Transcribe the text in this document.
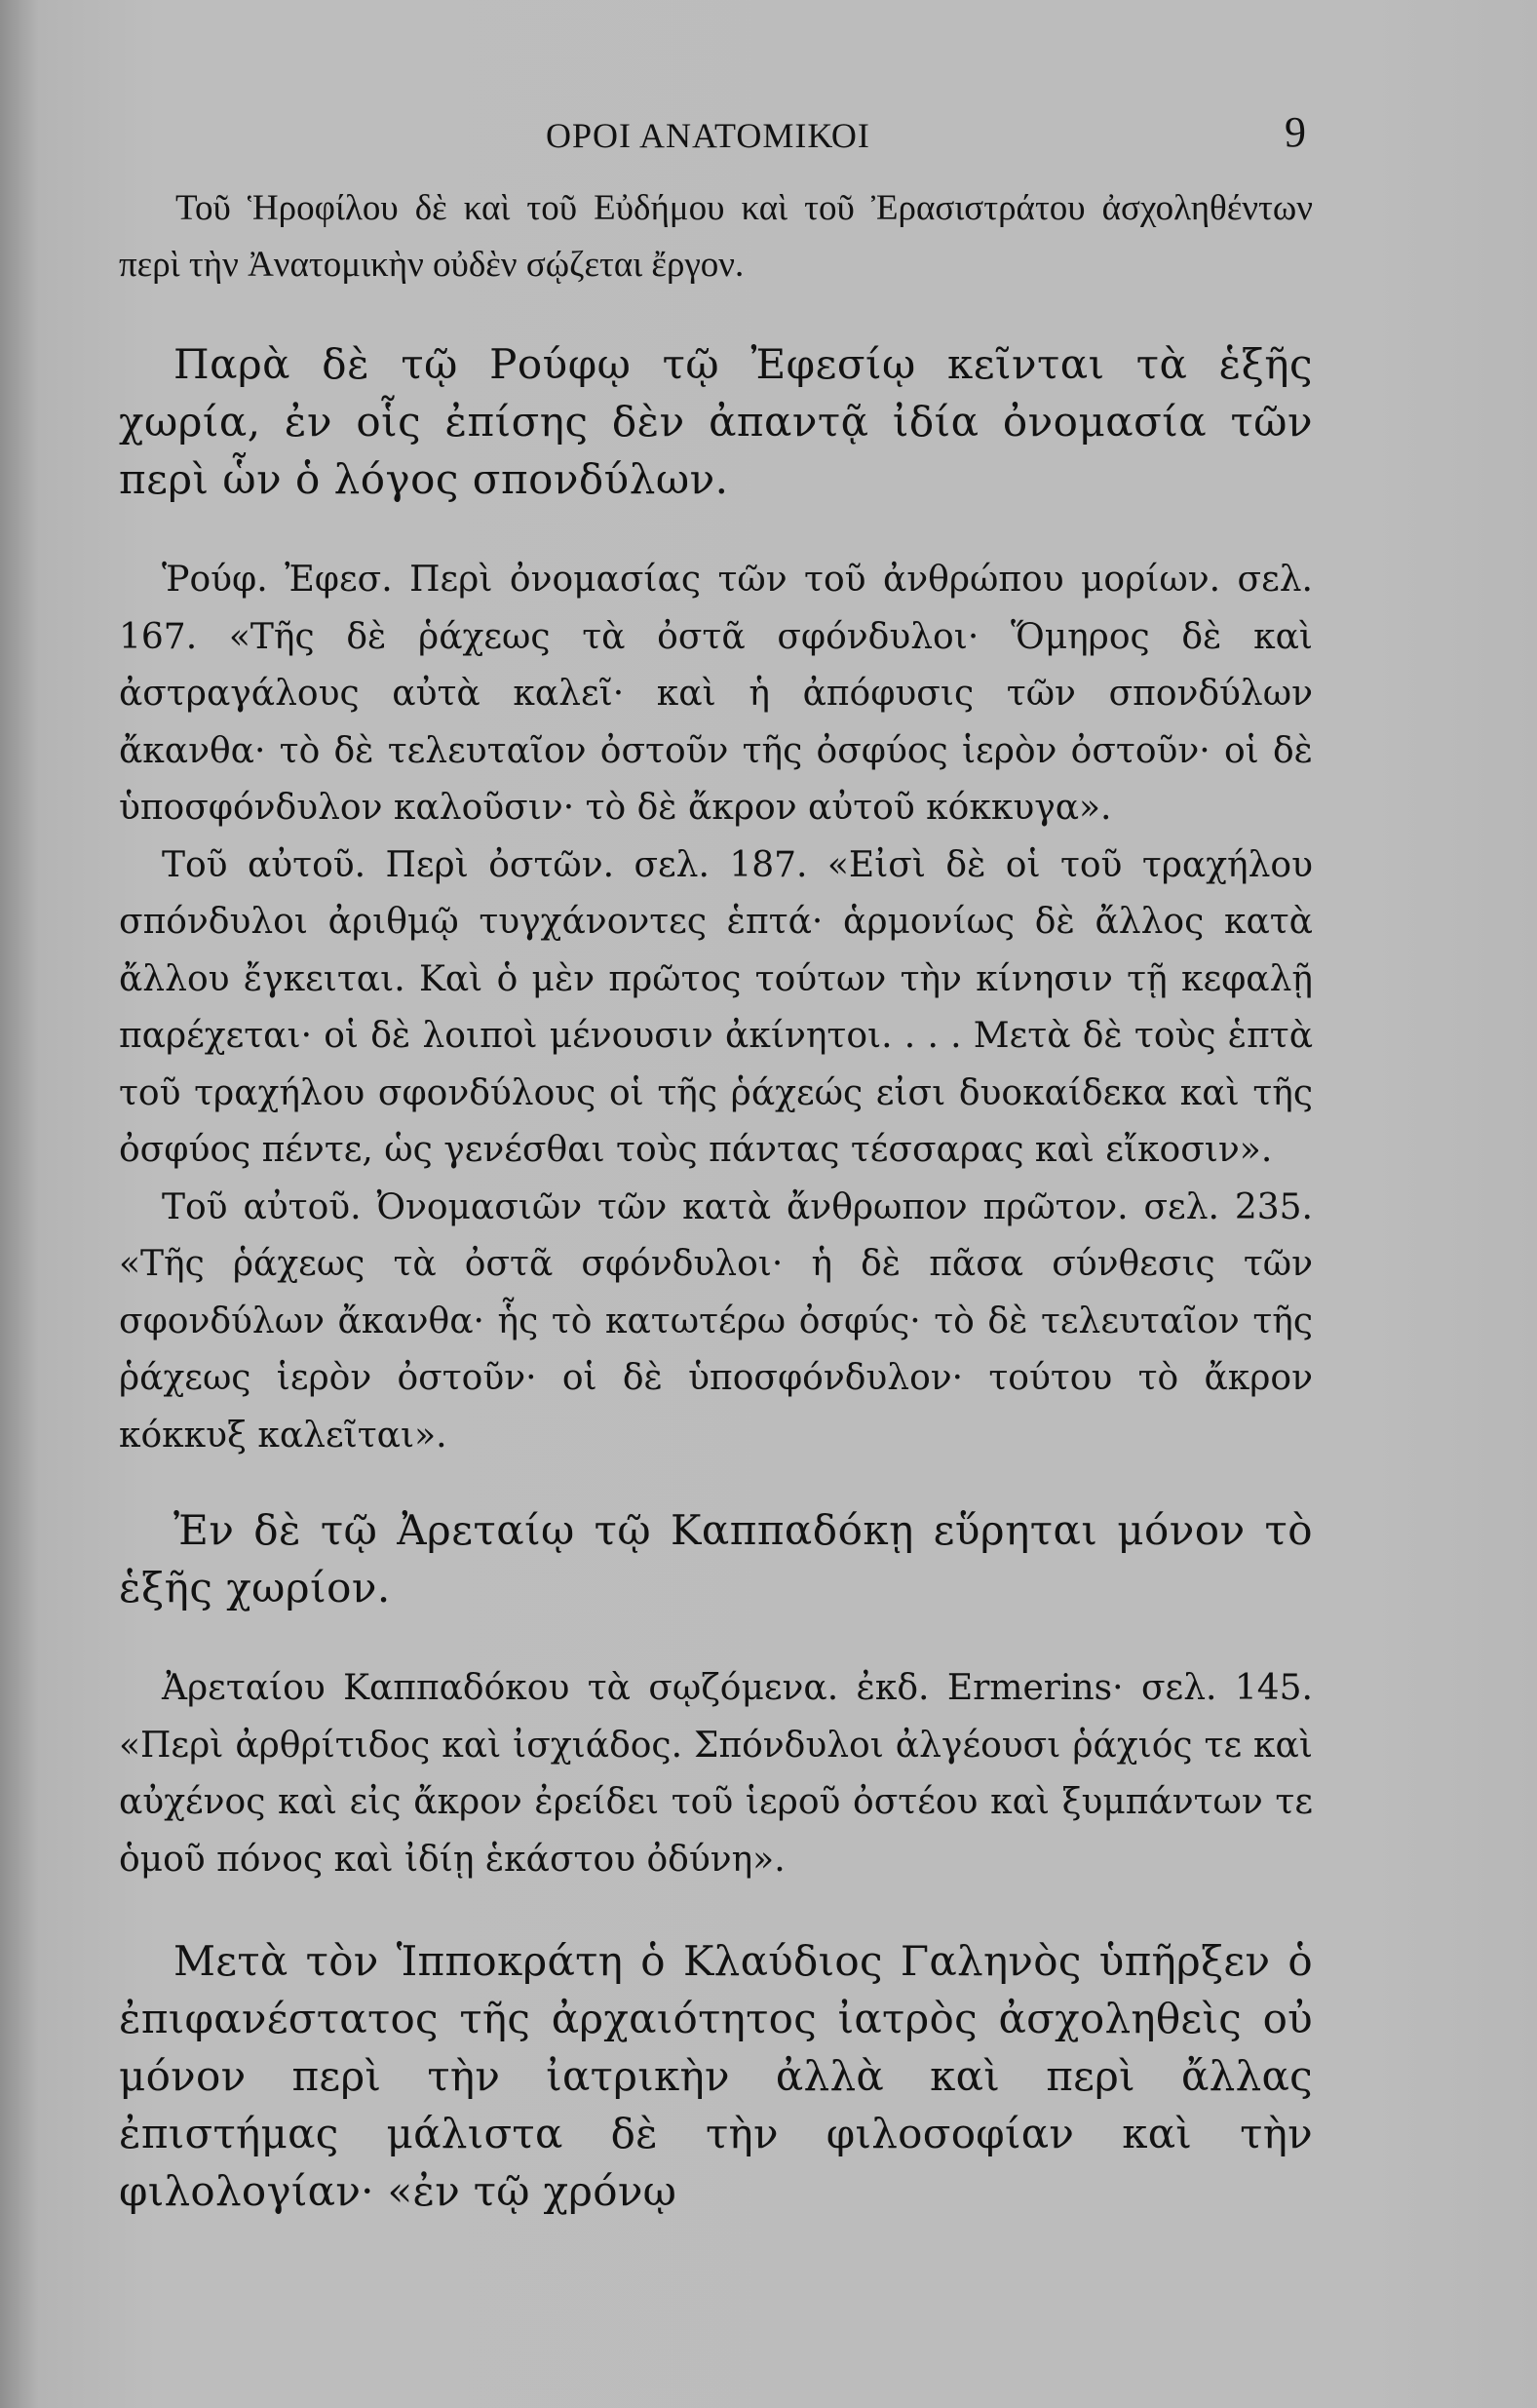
ΟΡΟΙ ΑΝΑΤΟΜΙΚΟΙ	9

Τοῦ Ἡροφίλου δὲ καὶ τοῦ Εὐδήμου καὶ τοῦ Ἐρασιστράτου ἀσχοληθέντων περὶ τὴν Ἀνατομικὴν οὐδὲν σῴζεται ἔργον.

Παρὰ δὲ τῷ Ρούφῳ τῷ Ἐφεσίῳ κεῖνται τὰ ἑξῆς χωρία, ἐν οἷς ἐπίσης δὲν ἀπαντᾷ ἰδία ὀνομασία τῶν περὶ ὧν ὁ λόγος σπονδύλων.

Ῥούφ. Ἐφεσ. Περὶ ὀνομασίας τῶν τοῦ ἀνθρώπου μορίων. σελ. 167. «Τῆς δὲ ῥάχεως τὰ ὀστᾶ σφόνδυλοι· Ὅμηρος δὲ καὶ ἀστραγάλους αὐτὰ καλεῖ· καὶ ἡ ἀπόφυσις τῶν σπονδύλων ἄκανθα· τὸ δὲ τελευταῖον ὀστοῦν τῆς ὀσφύος ἱερὸν ὀστοῦν· οἱ δὲ ὑποσφόνδυλον καλοῦσιν· τὸ δὲ ἄκρον αὐτοῦ κόκκυγα».

Τοῦ αὐτοῦ. Περὶ ὀστῶν. σελ. 187. «Εἰσὶ δὲ οἱ τοῦ τραχήλου σπόνδυλοι ἀριθμῷ τυγχάνοντες ἑπτά· ἁρμονίως δὲ ἄλλος κατὰ ἄλλου ἔγκειται. Καὶ ὁ μὲν πρῶτος τούτων τὴν κίνησιν τῇ κεφαλῇ παρέχεται· οἱ δὲ λοιποὶ μένουσιν ἀκίνητοι. . . . Μετὰ δὲ τοὺς ἑπτὰ τοῦ τραχήλου σφονδύλους οἱ τῆς ῥάχεώς εἰσι δυοκαίδεκα καὶ τῆς ὀσφύος πέντε, ὡς γενέσθαι τοὺς πάντας τέσσαρας καὶ εἴκοσιν».

Τοῦ αὐτοῦ. Ὀνομασιῶν τῶν κατὰ ἄνθρωπον πρῶτον. σελ. 235. «Τῆς ῥάχεως τὰ ὀστᾶ σφόνδυλοι· ἡ δὲ πᾶσα σύνθεσις τῶν σφονδύλων ἄκανθα· ἧς τὸ κατωτέρω ὀσφύς· τὸ δὲ τελευταῖον τῆς ῥάχεως ἱερὸν ὀστοῦν· οἱ δὲ ὑποσφόνδυλον· τούτου τὸ ἄκρον κόκκυξ καλεῖται».

Ἐν δὲ τῷ Ἀρεταίῳ τῷ Καππαδόκῃ εὕρηται μόνον τὸ ἑξῆς χωρίον.

Ἀρεταίου Καππαδόκου τὰ σῳζόμενα. ἐκδ. Ermerins· σελ. 145. «Περὶ ἀρθρίτιδος καὶ ἰσχιάδος. Σπόνδυλοι ἀλγέουσι ῥάχιός τε καὶ αὐχένος καὶ εἰς ἄκρον ἐρείδει τοῦ ἱεροῦ ὀστέου καὶ ξυμπάντων τε ὁμοῦ πόνος καὶ ἰδίῃ ἑκάστου ὀδύνη».

Μετὰ τὸν Ἱπποκράτη ὁ Κλαύδιος Γαληνὸς ὑπῆρξεν ὁ ἐπιφανέστατος τῆς ἀρχαιότητος ἰατρὸς ἀσχοληθεὶς οὐ μόνον περὶ τὴν ἰατρικὴν ἀλλὰ καὶ περὶ ἄλλας ἐπιστήμας μάλιστα δὲ τὴν φιλοσοφίαν καὶ τὴν φιλολογίαν· «ἐν τῷ χρόνῳ
